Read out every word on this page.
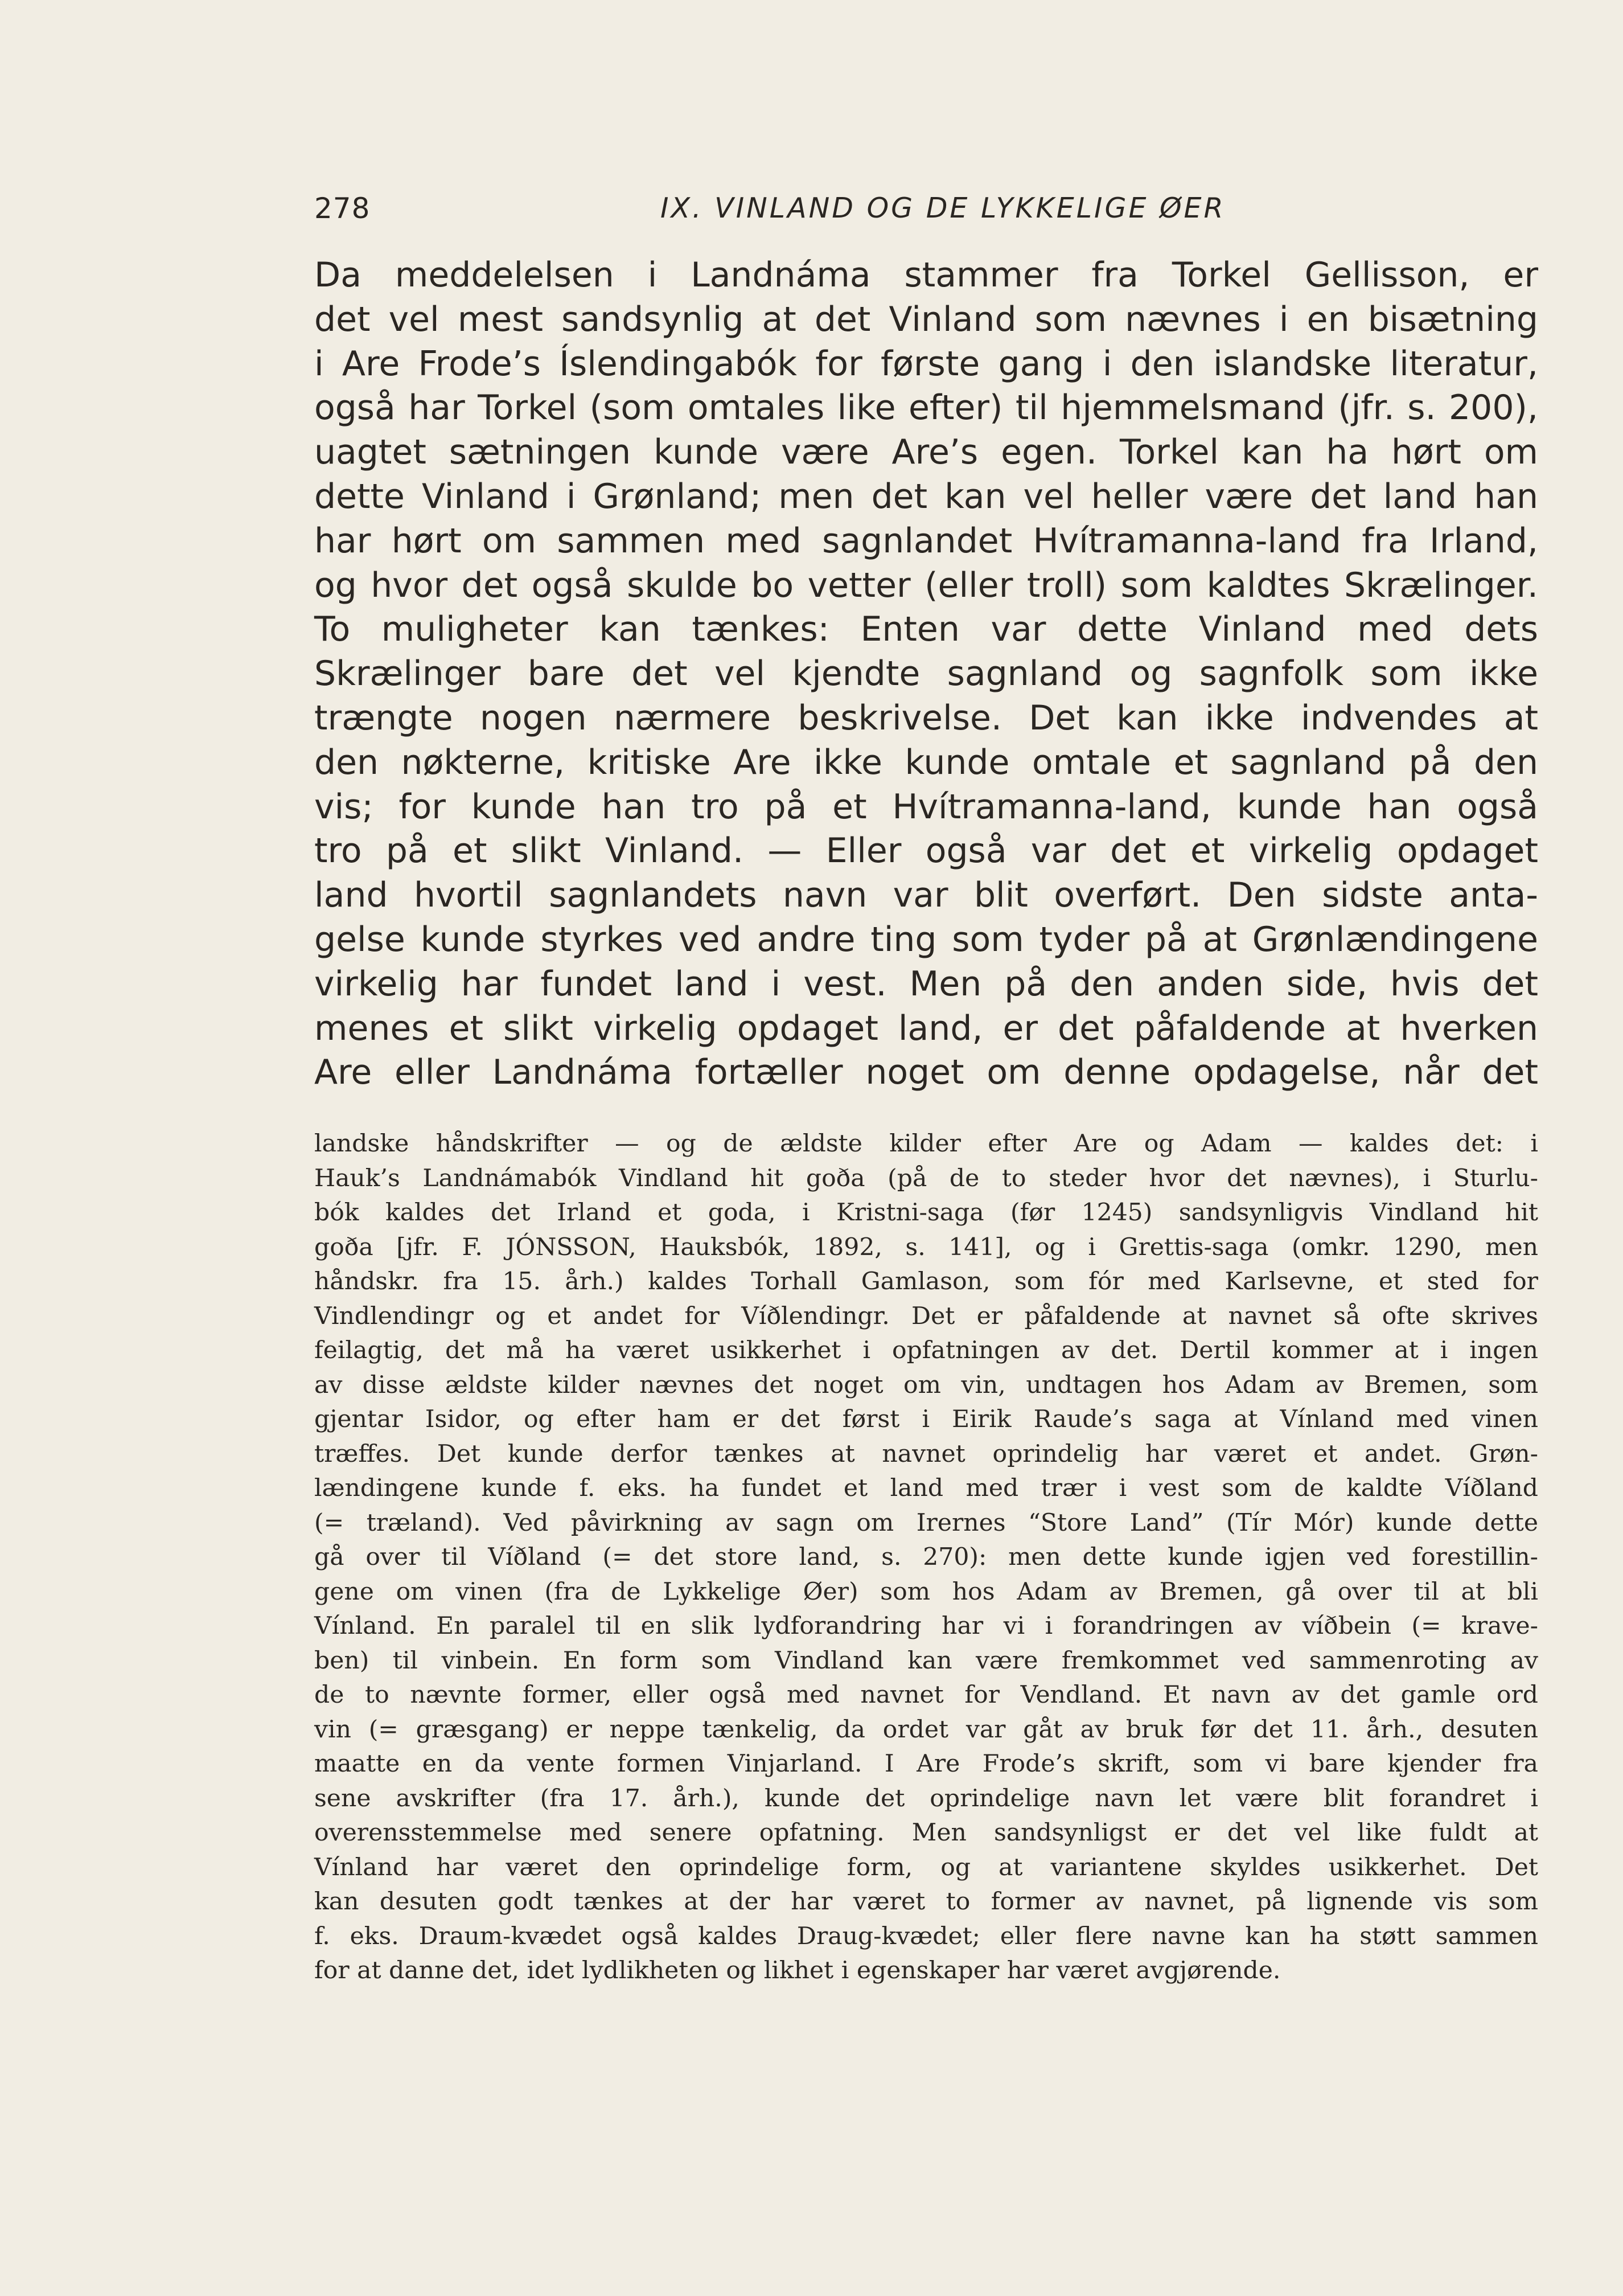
278	IX. VINLAND OG DE LYKKELIGE ØER
Da meddelelsen i Landnáma stammer fra Torkel Gellisson, er
det vel mest sandsynlig at det Vinland som nævnes i en bisætning
i Are Frode’s Íslendingabók for første gang i den islandske literatur,
også har Torkel (som omtales like efter) til hjemmelsmand (jfr. s. 200),
uagtet sætningen kunde være Are’s egen. Torkel kan ha hørt om
dette Vinland i Grønland; men det kan vel heller være det land han
har hørt om sammen med sagnlandet Hvítramanna-land fra Irland,
og hvor det også skulde bo vetter (eller troll) som kaldtes Skrælinger.
To muligheter kan tænkes: Enten var dette Vinland med dets
Skrælinger bare det vel kjendte sagnland og sagnfolk som ikke
trængte nogen nærmere beskrivelse. Det kan ikke indvendes at
den nøkterne, kritiske Are ikke kunde omtale et sagnland på den
vis; for kunde han tro på et Hvítramanna-land, kunde han også
tro på et slikt Vinland. — Eller også var det et virkelig opdaget
land hvortil sagnlandets navn var blit overført. Den sidste anta-
gelse kunde styrkes ved andre ting som tyder på at Grønlændingene
virkelig har fundet land i vest. Men på den anden side, hvis det
menes et slikt virkelig opdaget land, er det påfaldende at hverken
Are eller Landnáma fortæller noget om denne opdagelse, når det
landske håndskrifter — og de ældste kilder efter Are og Adam — kaldes det: i
Hauk’s Landnámabók Vindland hit goða (på de to steder hvor det nævnes), i Sturlu-
bók kaldes det Irland et goda, i Kristni-saga (før 1245) sandsynligvis Vindland hit
goða [jfr. F. JÓNSSON, Hauksbók, 1892, s. 141], og i Grettis-saga (omkr. 1290, men
håndskr. fra 15. årh.) kaldes Torhall Gamlason, som fór med Karlsevne, et sted for
Vindlendingr og et andet for Víðlendingr. Det er påfaldende at navnet så ofte skrives
feilagtig, det må ha været usikkerhet i opfatningen av det. Dertil kommer at i ingen
av disse ældste kilder nævnes det noget om vin, undtagen hos Adam av Bremen, som
gjentar Isidor, og efter ham er det først i Eirik Raude’s saga at Vínland med vinen
træffes. Det kunde derfor tænkes at navnet oprindelig har været et andet. Grøn-
lændingene kunde f. eks. ha fundet et land med trær i vest som de kaldte Víðland
(= træland). Ved påvirkning av sagn om Irernes “Store Land” (Tír Mór) kunde dette
gå over til Víðland (= det store land, s. 270): men dette kunde igjen ved forestillin-
gene om vinen (fra de Lykkelige Øer) som hos Adam av Bremen, gå over til at bli
Vínland. En paralel til en slik lydforandring har vi i forandringen av víðbein (= krave-
ben) til vinbein. En form som Vindland kan være fremkommet ved sammenroting av
de to nævnte former, eller også med navnet for Vendland. Et navn av det gamle ord
vin (= græsgang) er neppe tænkelig, da ordet var gåt av bruk før det 11. årh., desuten
maatte en da vente formen Vinjarland. I Are Frode’s skrift, som vi bare kjender fra
sene avskrifter (fra 17. årh.), kunde det oprindelige navn let være blit forandret i
overensstemmelse med senere opfatning. Men sandsynligst er det vel like fuldt at
Vínland har været den oprindelige form, og at variantene skyldes usikkerhet. Det
kan desuten godt tænkes at der har været to former av navnet, på lignende vis som
f. eks. Draum-kvædet også kaldes Draug-kvædet; eller flere navne kan ha støtt sammen
for at danne det, idet lydlikheten og likhet i egenskaper har været avgjørende.
